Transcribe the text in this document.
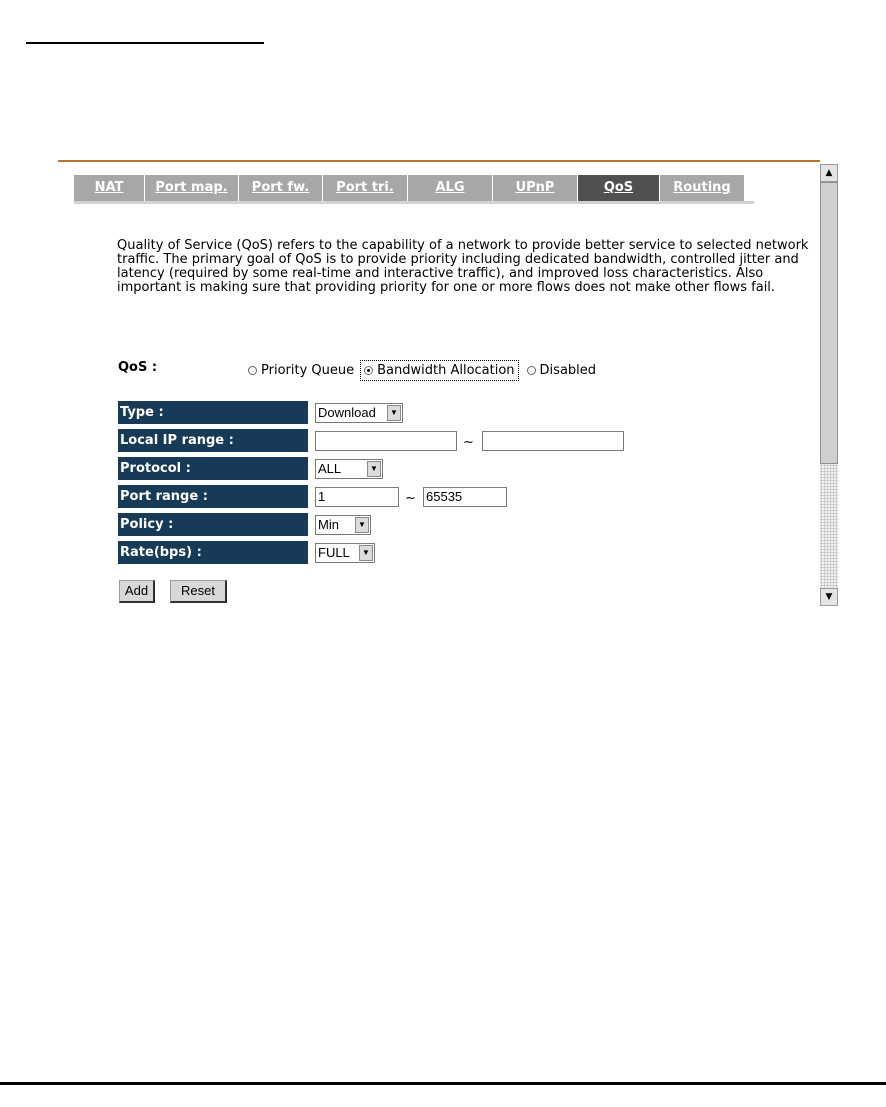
NAT	Port map.	Port fw.	Port tri.	ALG	UPnP	QoS	Routing

Quality of Service (QoS) refers to the capability of a network to provide better service to selected network traffic. The primary goal of QoS is to provide priority including dedicated bandwidth, controlled jitter and latency (required by some real-time and interactive traffic), and improved loss characteristics. Also important is making sure that providing priority for one or more flows does not make other flows fail.

QoS :	Priority Queue Bandwidth Allocation Disabled
Type :	Download	▼
Local IP range :	~
Protocol :	ALL	▼
Port range :	1	~ 65535
Policy :	Min	▼
Rate(bps) :	FULL	▼
Add	Reset
▲
▼
